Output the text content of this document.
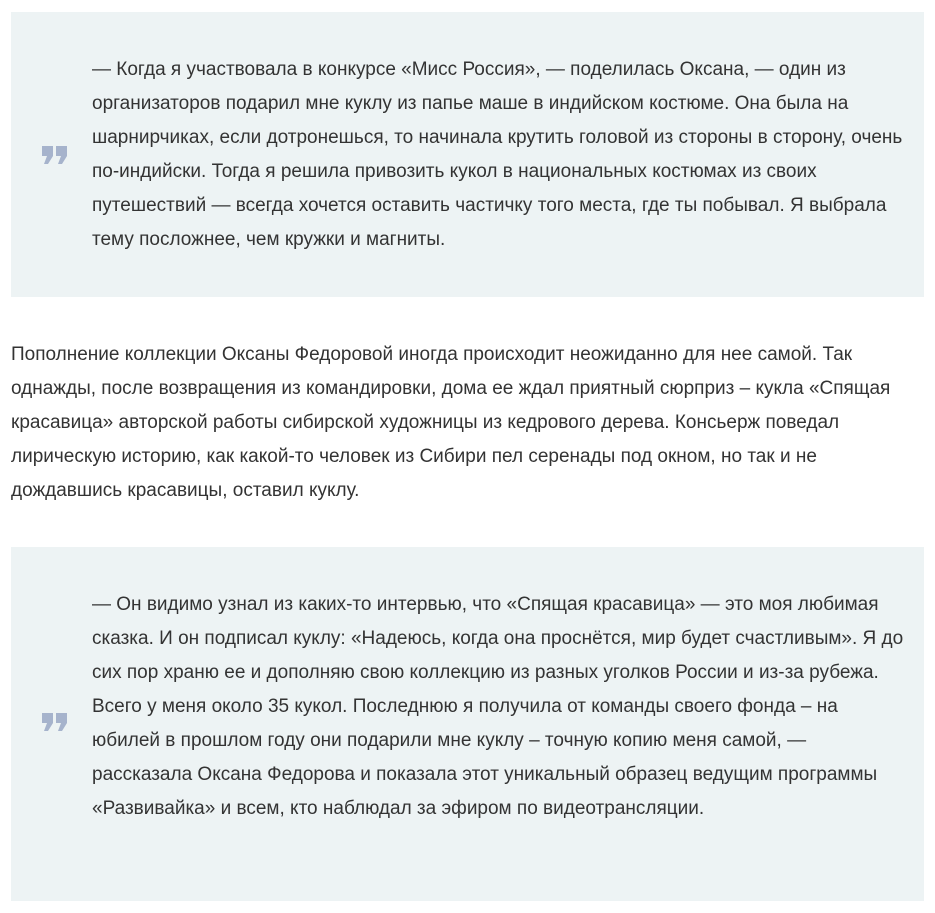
— Когда я участвовала в конкурсе «Мисс Россия», — поделилась Оксана, — один из организаторов подарил мне куклу из папье маше в индийском костюме. Она была на шарнирчиках, если дотронешься, то начинала крутить головой из стороны в сторону, очень по-индийски. Тогда я решила привозить кукол в национальных костюмах из своих путешествий — всегда хочется оставить частичку того места, где ты побывал. Я выбрала тему посложнее, чем кружки и магниты.

Пополнение коллекции Оксаны Федоровой иногда происходит неожиданно для нее самой. Так однажды, после возвращения из командировки, дома ее ждал приятный сюрприз – кукла «Спящая красавица» авторской работы сибирской художницы из кедрового дерева. Консьерж поведал лирическую историю, как какой-то человек из Сибири пел серенады под окном, но так и не дождавшись красавицы, оставил куклу.

— Он видимо узнал из каких-то интервью, что «Спящая красавица» — это моя любимая сказка. И он подписал куклу: «Надеюсь, когда она проснётся, мир будет счастливым». Я до сих пор храню ее и дополняю свою коллекцию из разных уголков России и из-за рубежа. Всего у меня около 35 кукол. Последнюю я получила от команды своего фонда – на юбилей в прошлом году они подарили мне куклу – точную копию меня самой, — рассказала Оксана Федорова и показала этот уникальный образец ведущим программы «Развивайка» и всем, кто наблюдал за эфиром по видеотрансляции.
